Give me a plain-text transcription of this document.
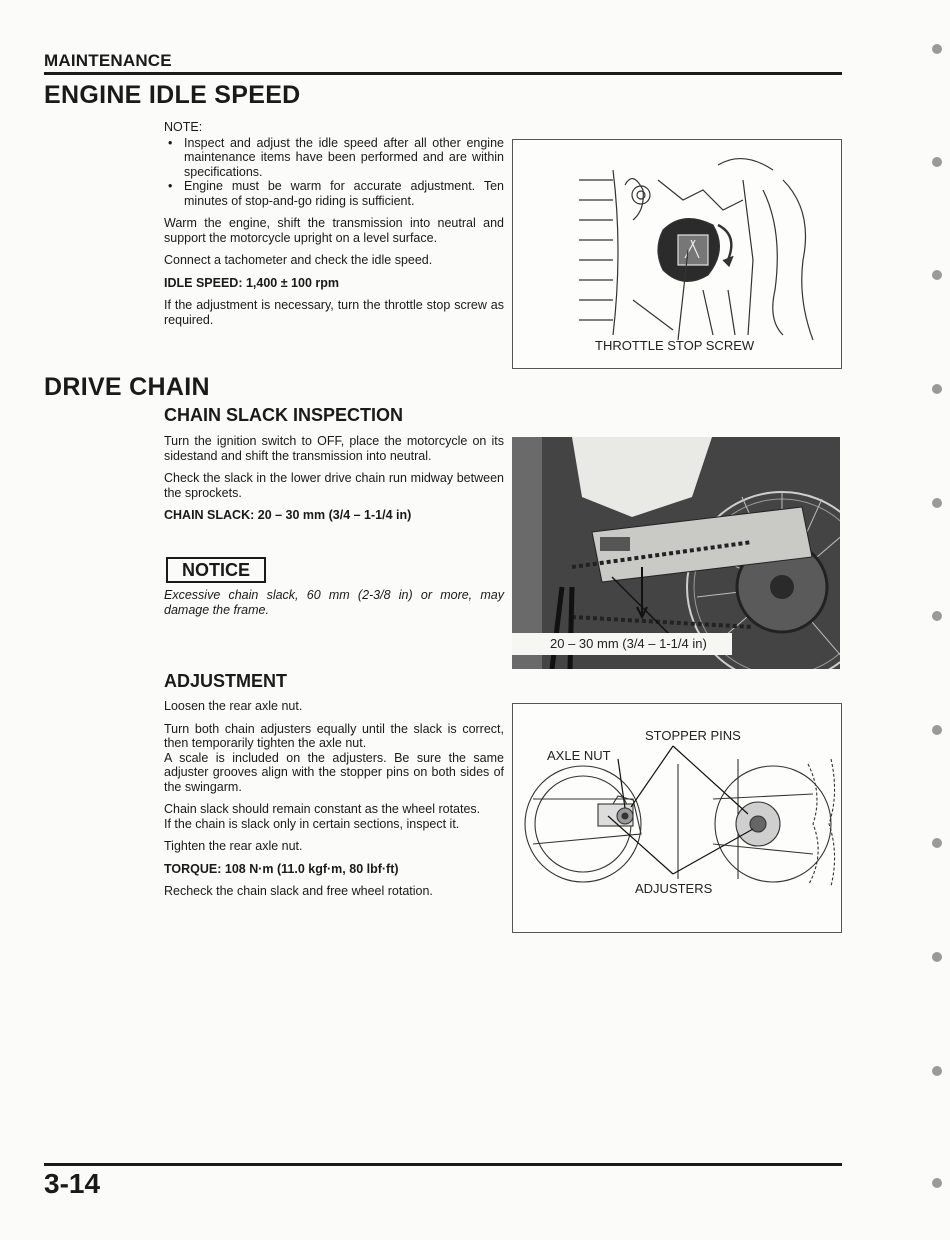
MAINTENANCE
ENGINE IDLE SPEED
NOTE:
• Inspect and adjust the idle speed after all other engine maintenance items have been performed and are within specifications.
• Engine must be warm for accurate adjustment. Ten minutes of stop-and-go riding is sufficient.
Warm the engine, shift the transmission into neutral and support the motorcycle upright on a level surface.
Connect a tachometer and check the idle speed.
IDLE SPEED: 1,400 ± 100 rpm
If the adjustment is necessary, turn the throttle stop screw as required.
THROTTLE STOP SCREW
DRIVE CHAIN
CHAIN SLACK INSPECTION
Turn the ignition switch to OFF, place the motorcycle on its sidestand and shift the transmission into neutral.
Check the slack in the lower drive chain run midway between the sprockets.
CHAIN SLACK: 20 – 30 mm (3/4 – 1-1/4 in)
NOTICE
Excessive chain slack, 60 mm (2-3/8 in) or more, may damage the frame.
20 – 30 mm (3/4 – 1-1/4 in)
ADJUSTMENT
Loosen the rear axle nut.
Turn both chain adjusters equally until the slack is correct, then temporarily tighten the axle nut.
A scale is included on the adjusters. Be sure the same adjuster grooves align with the stopper pins on both sides of the swingarm.
Chain slack should remain constant as the wheel rotates.
If the chain is slack only in certain sections, inspect it.
Tighten the rear axle nut.
TORQUE: 108 N·m (11.0 kgf·m, 80 lbf·ft)
Recheck the chain slack and free wheel rotation.
STOPPER PINS
AXLE NUT
ADJUSTERS
3-14
